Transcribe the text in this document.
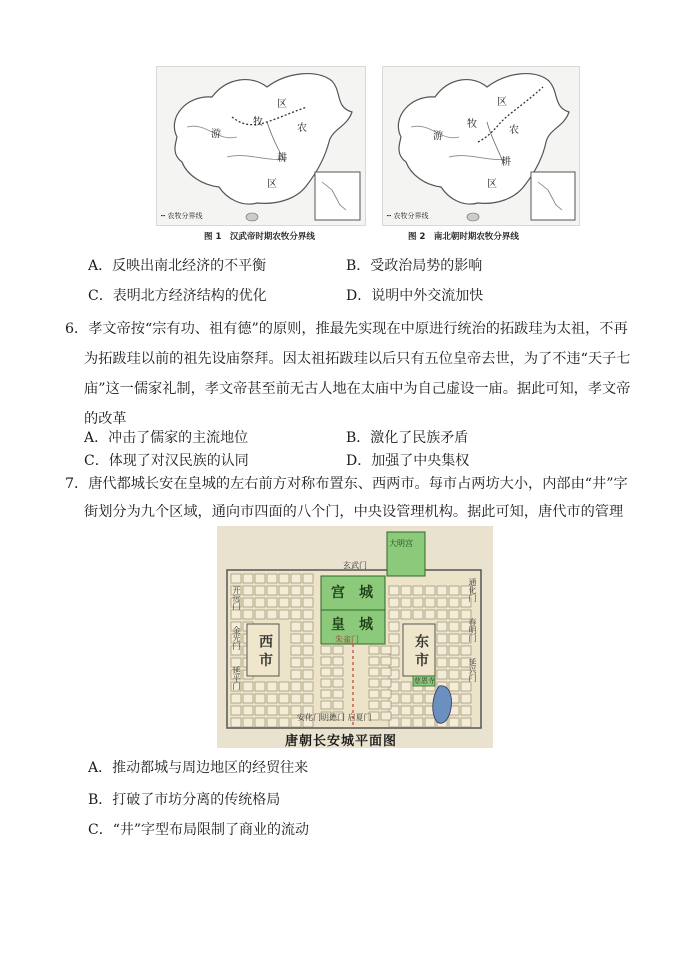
游
牧
区
农
耕
区
┅ 农牧分界线
图 1　汉武帝时期农牧分界线
游
牧
区
农
耕
区
┅ 农牧分界线
图 2　南北朝时期农牧分界线
A．反映出南北经济的不平衡	B．受政治局势的影响
C．表明北方经济结构的优化	D．说明中外交流加快
6．孝文帝按“宗有功、祖有德”的原则，推最先实现在中原进行统治的拓跋珪为太祖，不再
为拓跋珪以前的祖先设庙祭拜。因太祖拓跋珪以后只有五位皇帝去世，为了不违“天子七
庙”这一儒家礼制，孝文帝甚至前无古人地在太庙中为自己虚设一庙。据此可知，孝文帝
的改革
A．冲击了儒家的主流地位	B．激化了民族矛盾
C．体现了对汉民族的认同	D．加强了中央集权
7．唐代都城长安在皇城的左右前方对称布置东、西两市。每市占两坊大小，内部由“井”字
街划分为九个区域，通向市四面的八个门，中央设管理机构。据此可知，唐代市的管理
玄武门
大明宫
宫　城
皇　城
朱雀门
西 市	东 市
慈恩寺
安化门明德门 启夏门
开远门
金光门
延平门
通化门
春明门
延兴门
唐朝长安城平面图
A．推动都城与周边地区的经贸往来
B．打破了市坊分离的传统格局
C．“井”字型布局限制了商业的流动
